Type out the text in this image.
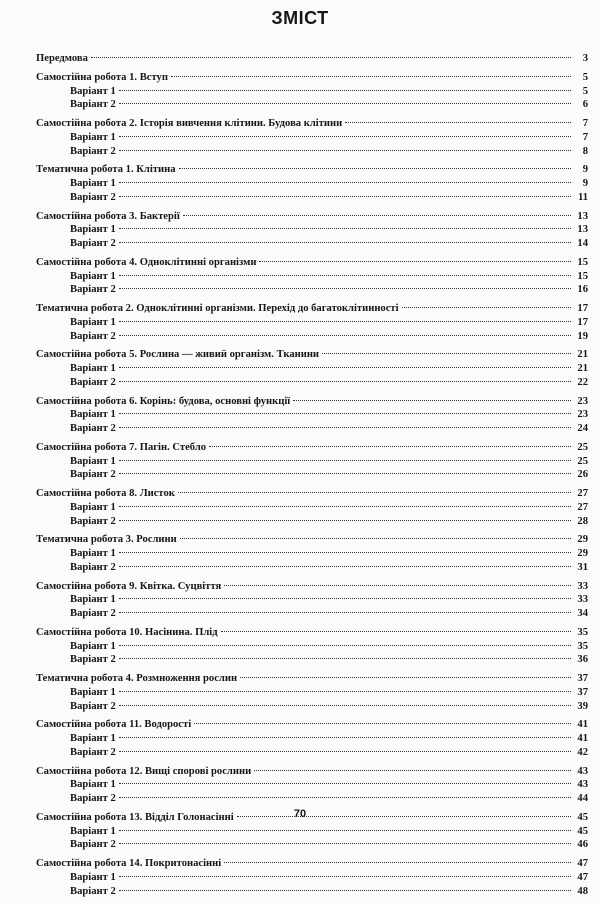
ЗМІСТ
Передмова	3
Самостійна робота 1. Вступ	5
Варіант 1	5
Варіант 2	6
Самостійна робота 2. Історія вивчення клітини. Будова клітини	7
Варіант 1	7
Варіант 2	8
Тематична робота 1. Клітина	9
Варіант 1	9
Варіант 2	11
Самостійна робота 3. Бактерії	13
Варіант 1	13
Варіант 2	14
Самостійна робота 4. Одноклітинні організми	15
Варіант 1	15
Варіант 2	16
Тематична робота 2. Одноклітинні організми. Перехід до багатоклітинності	17
Варіант 1	17
Варіант 2	19
Самостійна робота 5. Рослина — живий організм. Тканини	21
Варіант 1	21
Варіант 2	22
Самостійна робота 6. Корінь: будова, основні функції	23
Варіант 1	23
Варіант 2	24
Самостійна робота 7. Пагін. Стебло	25
Варіант 1	25
Варіант 2	26
Самостійна робота 8. Листок	27
Варіант 1	27
Варіант 2	28
Тематична робота 3. Рослини	29
Варіант 1	29
Варіант 2	31
Самостійна робота 9. Квітка. Суцвіття	33
Варіант 1	33
Варіант 2	34
Самостійна робота 10. Насінина. Плід	35
Варіант 1	35
Варіант 2	36
Тематична робота 4. Розмноження рослин	37
Варіант 1	37
Варіант 2	39
Самостійна робота 11. Водорості	41
Варіант 1	41
Варіант 2	42
Самостійна робота 12. Вищі спорові рослини	43
Варіант 1	43
Варіант 2	44
Самостійна робота 13. Відділ Голонасінні	45
Варіант 1	45
Варіант 2	46
Самостійна робота 14. Покритонасінні	47
Варіант 1	47
Варіант 2	48
70
